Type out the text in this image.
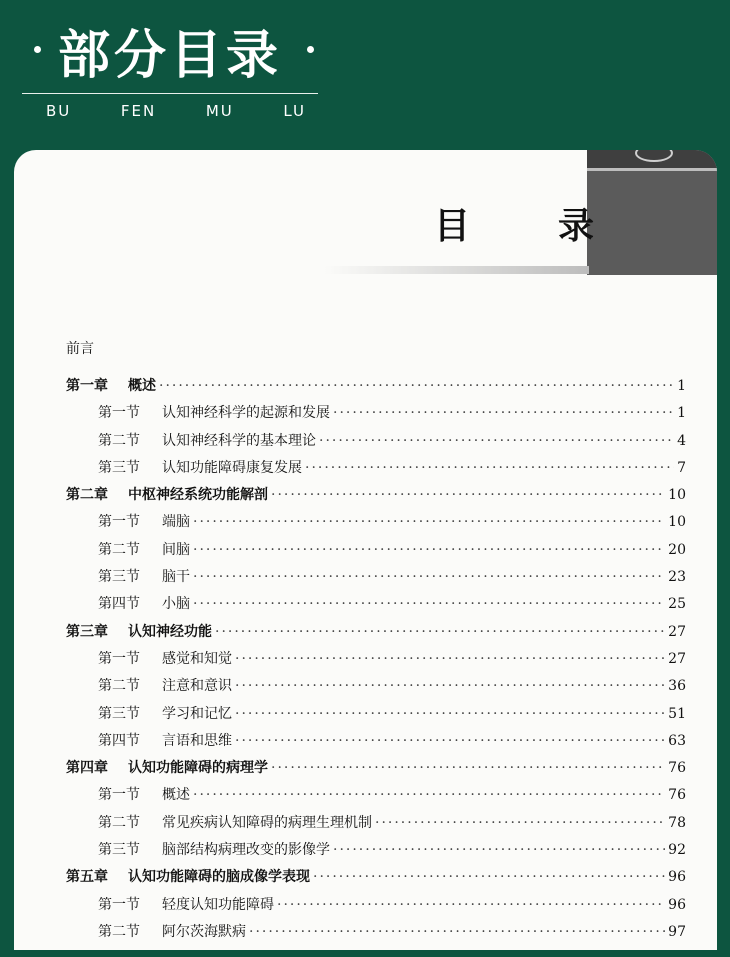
部分目录
BU	FEN	MU	LU
目 录
前言
第一章	概述 ·····	1
第一节	认知神经科学的起源和发展 ·····	1
第二节	认知神经科学的基本理论 ·····	4
第三节	认知功能障碍康复发展 ·····	7
第二章	中枢神经系统功能解剖 ·····	10
第一节	端脑 ·····	10
第二节	间脑 ·····	20
第三节	脑干 ·····	23
第四节	小脑 ·····	25
第三章	认知神经功能 ·····	27
第一节	感觉和知觉 ·····	27
第二节	注意和意识 ·····	36
第三节	学习和记忆 ·····	51
第四节	言语和思维 ·····	63
第四章	认知功能障碍的病理学 ·····	76
第一节	概述 ·····	76
第二节	常见疾病认知障碍的病理生理机制 ·····	78
第三节	脑部结构病理改变的影像学 ·····	92
第五章	认知功能障碍的脑成像学表现 ·····	96
第一节	轻度认知功能障碍 ·····	96
第二节	阿尔茨海默病 ·····	97
